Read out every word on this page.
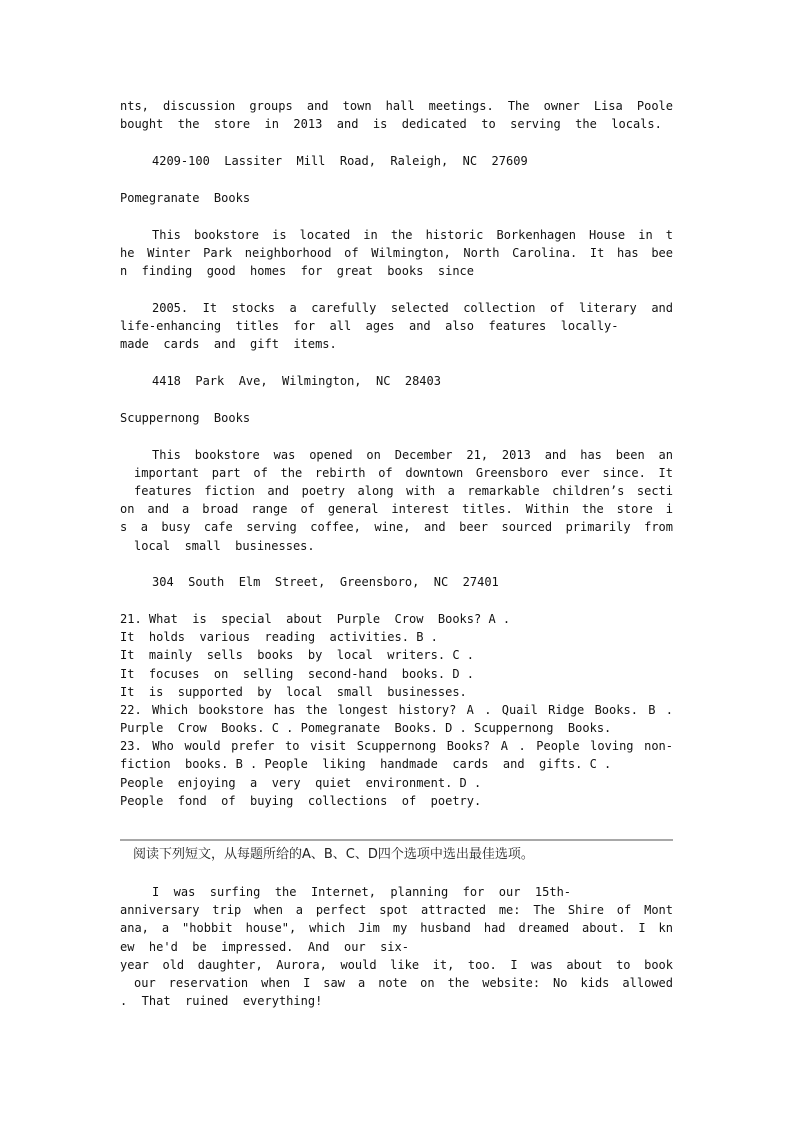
nts, discussion groups and town hall meetings. The owner Lisa Poole
bought  the  store  in  2013  and  is  dedicated  to  serving  the  locals.
4209-100  Lassiter  Mill  Road,  Raleigh,  NC  27609
Pomegranate  Books
This bookstore is located in the historic Borkenhagen House in t
he Winter Park neighborhood of Wilmington, North Carolina. It has bee
n  finding  good  homes  for  great  books  since
2005. It stocks a carefully selected collection of literary and
life-enhancing  titles  for  all  ages  and  also  features  locally-
made  cards  and  gift  items.
4418  Park  Ave,  Wilmington,  NC  28403
Scuppernong  Books
This bookstore was opened on December 21, 2013 and has been an
important part of the rebirth of downtown Greensboro ever since. It
features fiction and poetry along with a remarkable children’s secti
on and a broad range of general interest titles. Within the store i
s a busy cafe serving coffee, wine, and beer sourced primarily from
local  small  businesses.
304  South  Elm  Street,  Greensboro,  NC  27401
21. What  is  special  about  Purple  Crow  Books? A .
It  holds  various  reading  activities. B .
It  mainly  sells  books  by  local  writers. C .
It  focuses  on  selling  second-hand  books. D .
It  is  supported  by  local  small  businesses.
22. Which bookstore has the longest history? A . Quail Ridge Books. B .
Purple  Crow  Books. C . Pomegranate  Books. D . Scuppernong  Books.
23. Who would prefer to visit Scuppernong Books? A . People loving non-
fiction  books. B . People  liking  handmade  cards  and  gifts. C .
People  enjoying  a  very  quiet  environment. D .
People  fond  of  buying  collections  of  poetry.
阅读下列短文，从每题所给的A、B、C、D四个选项中选出最佳选项。
I  was  surfing  the  Internet,  planning  for  our  15th-
anniversary trip when a perfect spot attracted me: The Shire of Mont
ana, a "hobbit house", which Jim my husband had dreamed about. I kn
ew  he'd  be  impressed.  And  our  six-
year old daughter, Aurora, would like it, too. I was about to book
our reservation when I saw a note on the website: No kids allowed
.  That  ruined  everything!
